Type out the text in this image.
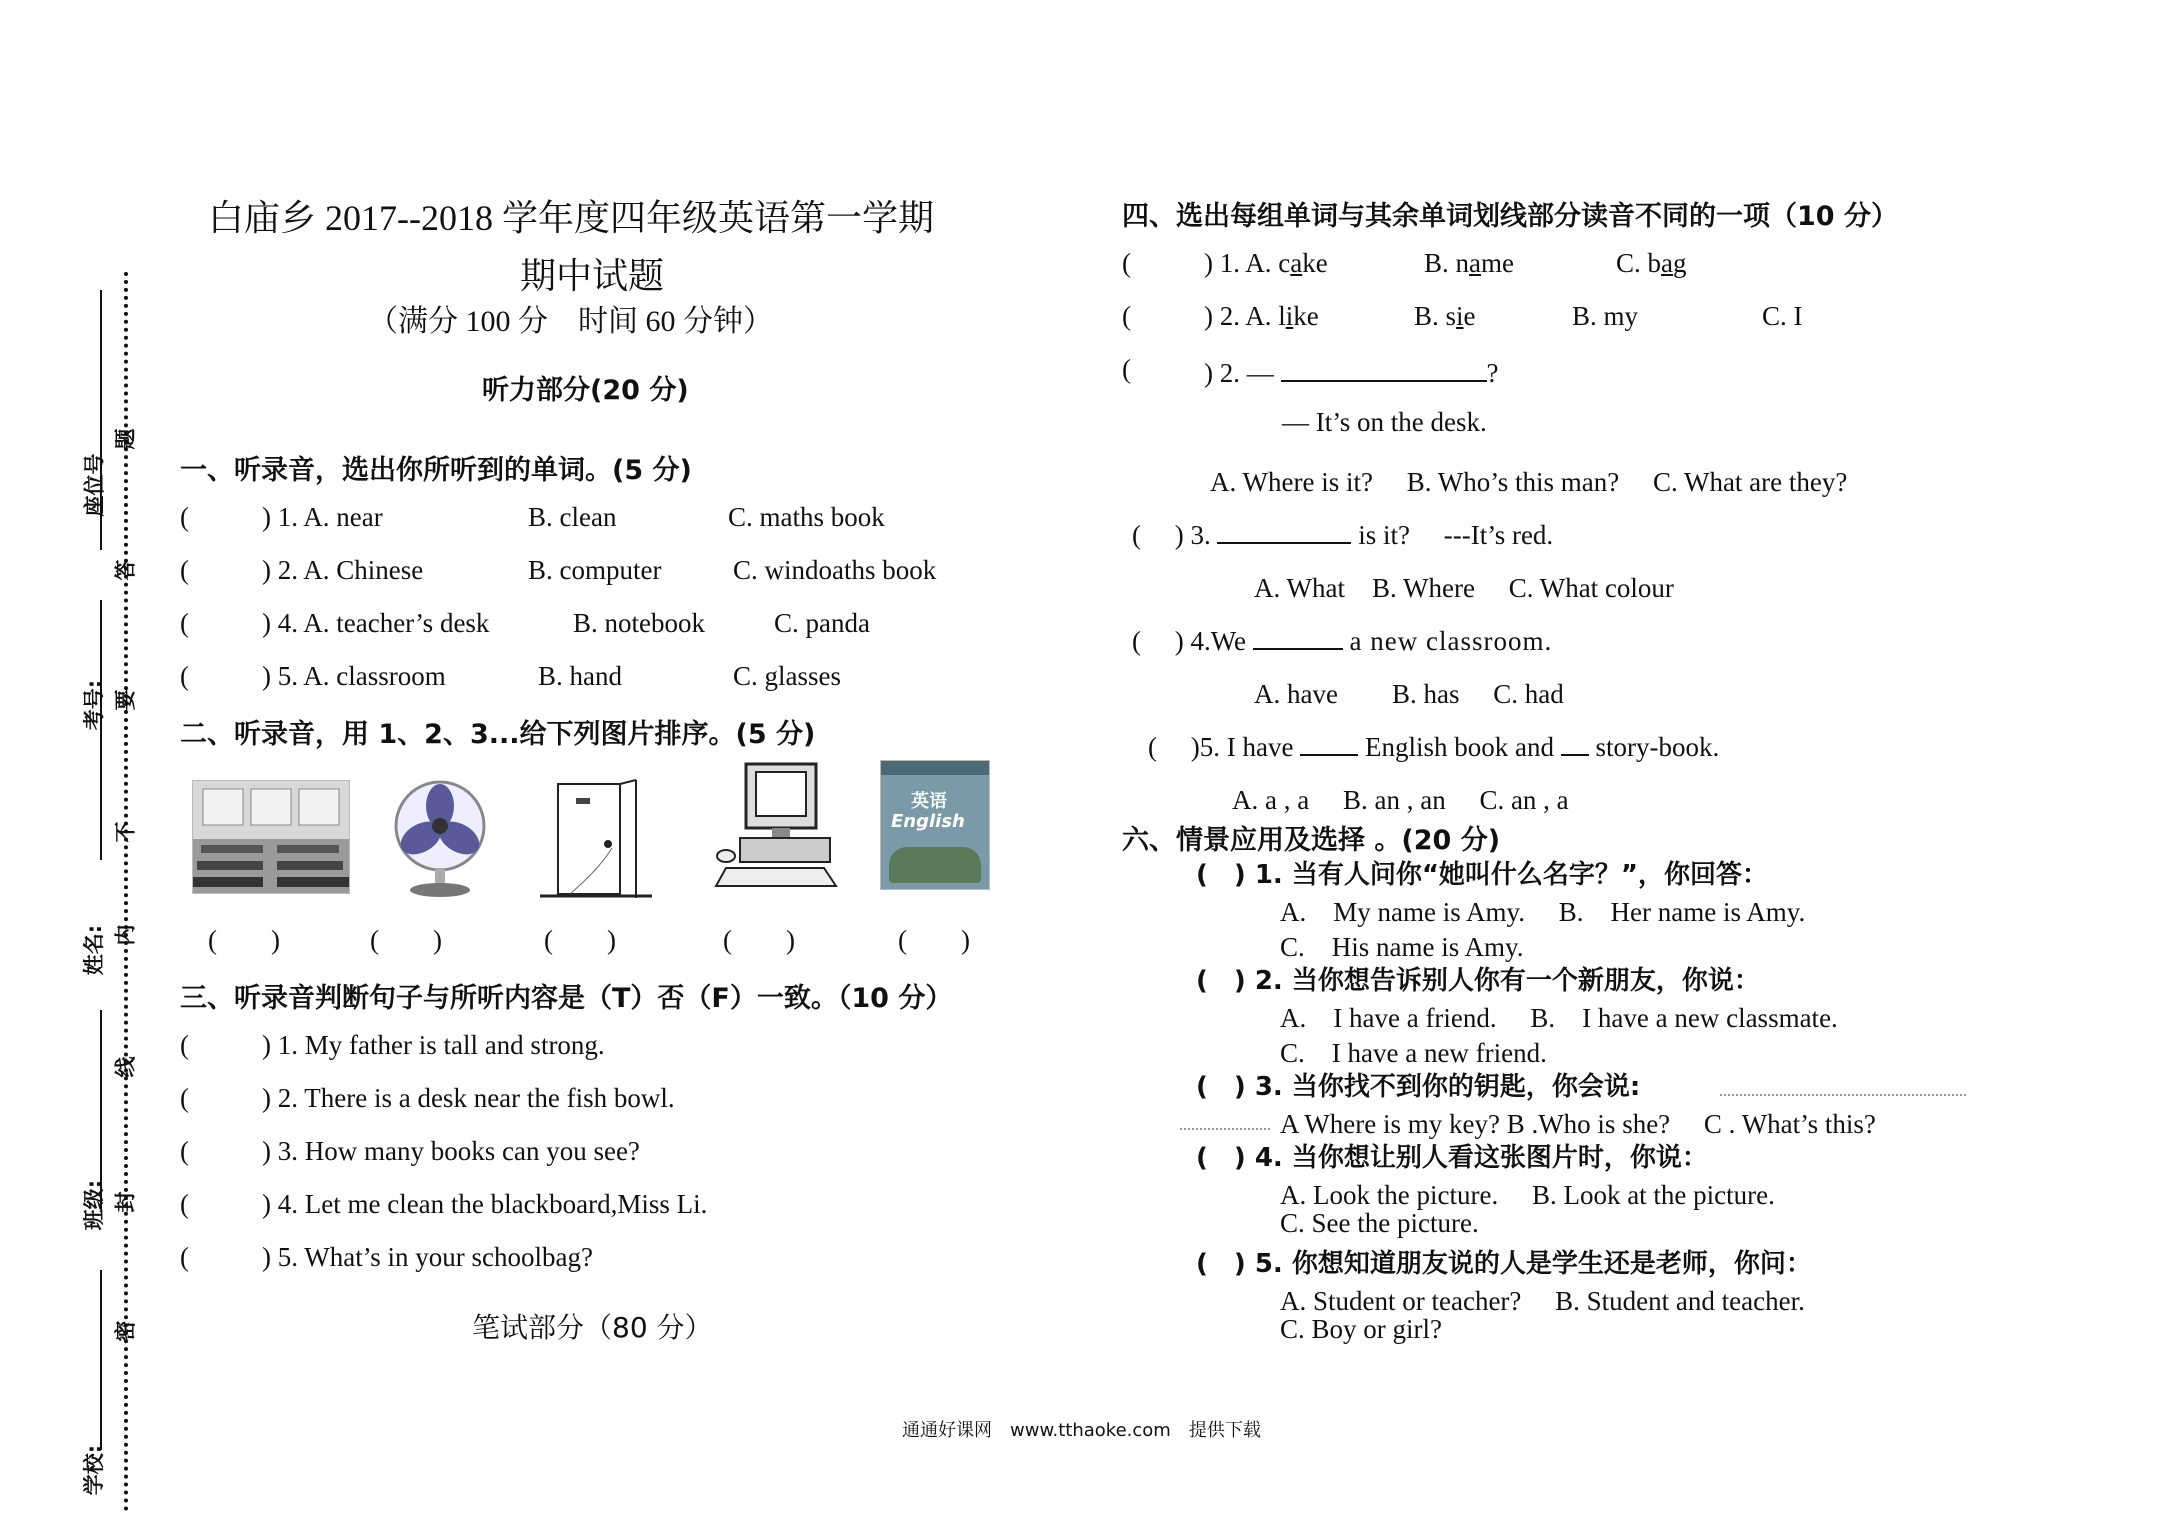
座位号
考号:
姓名:
班级:
学校:
题
答
要
不
内
线
封
密
白庙乡 2017--2018 学年度四年级英语第一学期
期中试题
（满分 100 分　时间 60 分钟）
听力部分(20 分)
一、听录音，选出你所听到的单词。(5 分)
(	) 1. A. near	B. clean	C. maths book
(	) 2. A. Chinese	B. computer	C. windoaths book
(	) 4. A. teacher’s desk	B. notebook	C. panda
(	) 5. A. classroom	B. hand	C. glasses
二、听录音，用 1、2、3...给下列图片排序。(5 分)
英语
English
(　　)	(　　)	(　　)	(　　)	(　　)
三、听录音判断句子与所听内容是（T）否（F）一致。（10 分）
(	) 1. My father is tall and strong.
(	) 2. There is a desk near the fish bowl.
(	) 3. How many books can you see?
(	) 4. Let me clean the blackboard,Miss Li.
(	) 5. What’s in your schoolbag?
笔试部分（80 分）
四、选出每组单词与其余单词划线部分读音不同的一项（10 分）
(	) 1. A. cake	B. name	C. bag
(	) 2. A. like	B. sie	B. my	C. I
(	) 2. —	?
— It’s on the desk.
A. Where is it?　 B. Who’s this man?　 C. What are they?
(　 ) 3.	is it?　 ---It’s red.
A. What　B. Where　 C. What colour
(　 ) 4.We	a new classroom.
A. have　　B. has　 C. had
(　 )5. I have	English book and story-book.
A. a , a　 B. an , an　 C. an , a
六、情景应用及选择 。(20 分)
(　) 1. 当有人问你“她叫什么名字？”，你回答：
A.　My name is Amy.　 B.　Her name is Amy.
C.　His name is Amy.
(　) 2. 当你想告诉别人你有一个新朋友，你说：
A.　I have a friend.　 B.　I have a new classmate.
C.　I have a new friend.
(　) 3. 当你找不到你的钥匙，你会说:
A Where is my key? B .Who is she?　 C . What’s this?
(　) 4. 当你想让别人看这张图片时，你说：
A. Look the picture.　 B. Look at the picture.
C. See the picture.
(　) 5. 你想知道朋友说的人是学生还是老师，你问：
A. Student or teacher?　 B. Student and teacher.
C. Boy or girl?
通通好课网　www.tthaoke.com　提供下载
